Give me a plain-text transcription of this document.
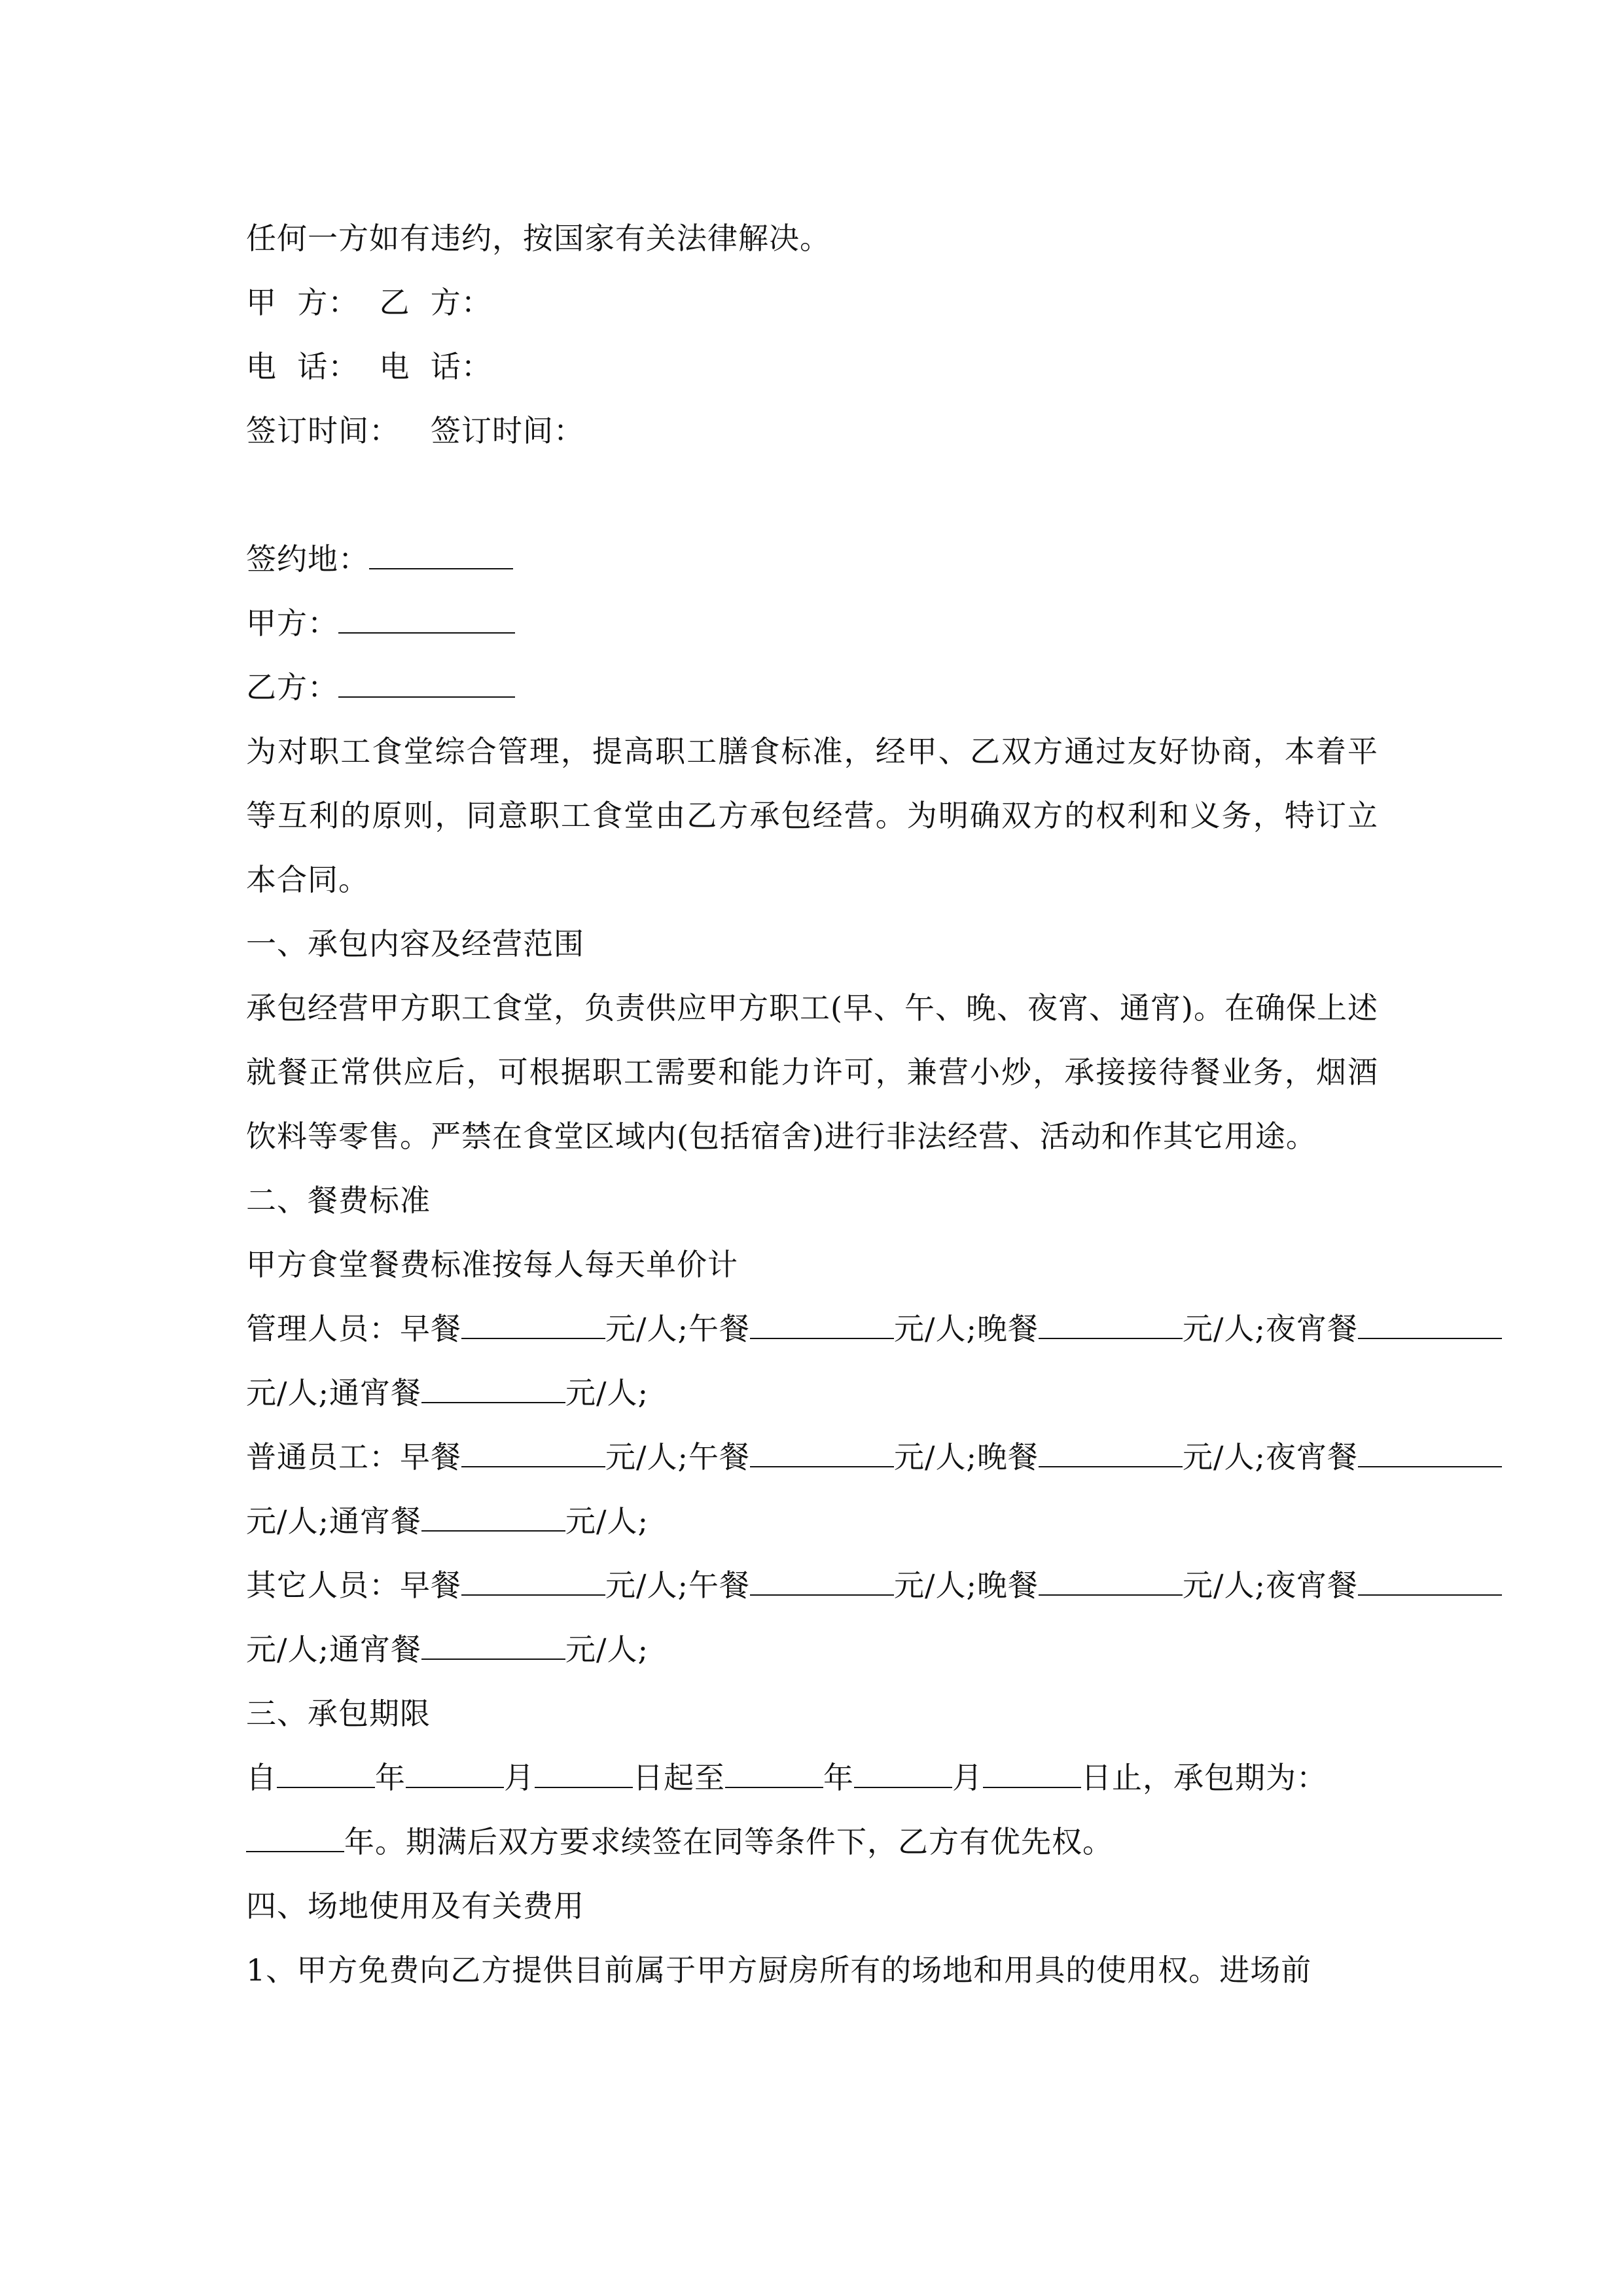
任何一方如有违约，按国家有关法律解决。
甲  方：  乙  方：
电  话：  电  话：
签订时间：   签订时间：
签约地：
甲方：
乙方：
为对职工食堂综合管理，提高职工膳食标准，经甲、乙双方通过友好协商，本着平等互利的原则，同意职工食堂由乙方承包经营。为明确双方的权利和义务，特订立本合同。
一、承包内容及经营范围
承包经营甲方职工食堂，负责供应甲方职工(早、午、晚、夜宵、通宵)。在确保上述就餐正常供应后，可根据职工需要和能力许可，兼营小炒，承接接待餐业务，烟酒饮料等零售。严禁在食堂区域内(包括宿舍)进行非法经营、活动和作其它用途。
二、餐费标准
甲方食堂餐费标准按每人每天单价计
管理人员：早餐	元/人;午餐	元/人;晚餐	元/人;夜宵餐
元/人;通宵餐	元/人;
普通员工：早餐	元/人;午餐	元/人;晚餐	元/人;夜宵餐
元/人;通宵餐	元/人;
其它人员：早餐	元/人;午餐	元/人;晚餐	元/人;夜宵餐
元/人;通宵餐	元/人;
三、承包期限
自	年	月	日起至	年	月	日止，承包期为：
年。期满后双方要求续签在同等条件下，乙方有优先权。
四、场地使用及有关费用
1、甲方免费向乙方提供目前属于甲方厨房所有的场地和用具的使用权。进场前
